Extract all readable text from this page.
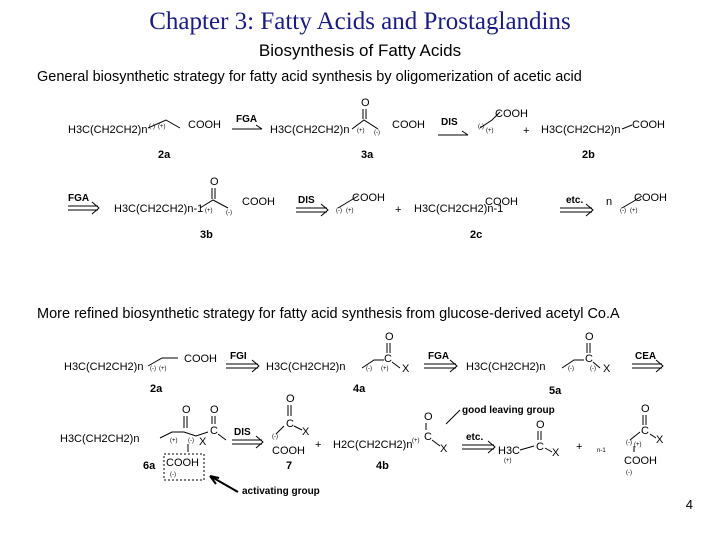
Chapter 3: Fatty Acids and Prostaglandins
Biosynthesis of Fatty Acids
General biosynthetic strategy for fatty acid synthesis by oligomerization of acetic acid
H3C(CH2CH2)n (-) (+) COOH
2a
FGA
H3C(CH2CH2)n
O
(+) (-)
COOH
3a
DIS	(-)
(+)
COOH
+ H3C(CH2CH2)n COOH
2b
FGA
H3C(CH2CH2)n-1
O
(+) (-)
COOH
3b
DIS
(-) (+)
COOH
+ H3C(CH2CH2)n-1
COOH
2c
etc. n
(-) (+)
COOH
More refined biosynthetic strategy for fatty acid synthesis from glucose-derived acetyl Co.A
H3C(CH2CH2)n (-) (+)
COOH
2a
FGI
H3C(CH2CH2)n
O
C
(-) (+) X
4a
FGA
H3C(CH2CH2)n
O
C
(-)	(-) X
5a
CEA
H3C(CH2CH2)n
O O
C
(+) (-) X
COOH
(-)
6a
DIS
O
C
(-) X
COOH
7
+ H2C(CH2CH2)n
O
C
(+)
X
4b
good leaving group
etc.
H3C
(+)
O
C X + n-1
O
C
(-) (+) X
COOH
(-)
activating group
4
